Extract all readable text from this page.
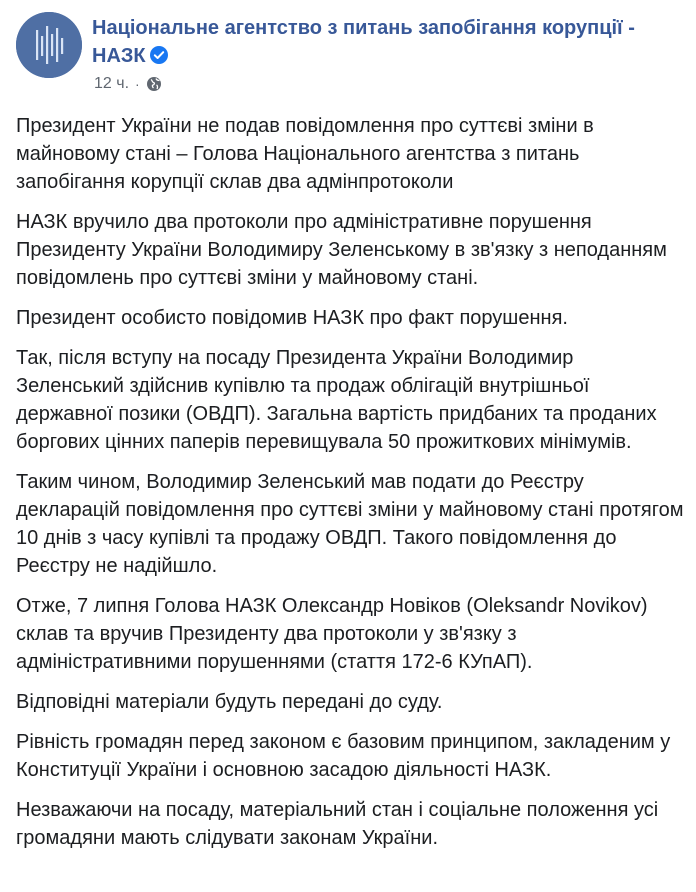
Національне агентство з питань запобігання корупції - НАЗК
12 ч. ·

Президент України не подав повідомлення про суттєві зміни в майновому стані – Голова Національного агентства з питань запобігання корупції склав два адмінпротоколи

НАЗК вручило два протоколи про адміністративне порушення Президенту України Володимиру Зеленському в зв'язку з неподанням повідомлень про суттєві зміни у майновому стані.

Президент особисто повідомив НАЗК про факт порушення.

Так, після вступу на посаду Президента України Володимир Зеленський здійснив купівлю та продаж облігацій внутрішньої державної позики (ОВДП). Загальна вартість придбаних та проданих боргових цінних паперів перевищувала 50 прожиткових мінімумів.

Таким чином, Володимир Зеленський мав подати до Реєстру декларацій повідомлення про суттєві зміни у майновому стані протягом 10 днів з часу купівлі та продажу ОВДП. Такого повідомлення до Реєстру не надійшло.

Отже, 7 липня Голова НАЗК Олександр Новіков (Oleksandr Novikov) склав та вручив Президенту два протоколи у зв'язку з адміністративними порушеннями (стаття 172-6 КУпАП).

Відповідні матеріали будуть передані до суду.

Рівність громадян перед законом є базовим принципом, закладеним у Конституції України і основною засадою діяльності НАЗК.

Незважаючи на посаду, матеріальний стан і соціальне положення усі громадяни мають слідувати законам України.
